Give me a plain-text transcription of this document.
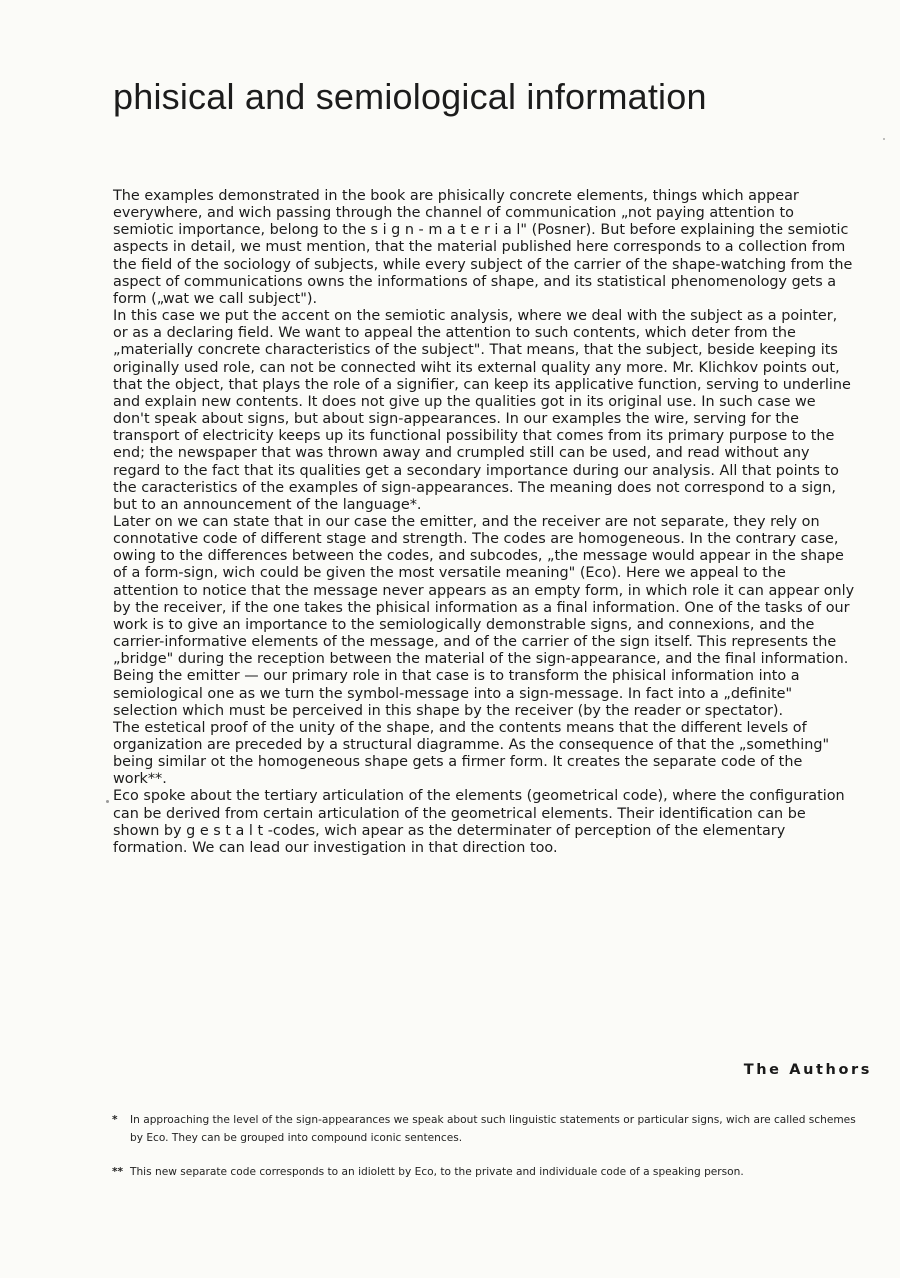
phisical and semiological information

The examples demonstrated in the book are phisically concrete elements, things which appear everywhere, and wich passing through the channel of communication „not paying attention to semiotic importance, belong to the s i g n - m a t e r i a l" (Posner). But before explaining the semiotic aspects in detail, we must mention, that the material published here corresponds to a collection from the field of the sociology of subjects, while every subject of the carrier of the shape-watching from the aspect of communications owns the informations of shape, and its statistical phenomenology gets a form („wat we call subject").

In this case we put the accent on the semiotic analysis, where we deal with the subject as a pointer, or as a declaring field. We want to appeal the attention to such contents, which deter from the „materially concrete characteristics of the subject". That means, that the subject, beside keeping its originally used role, can not be connected wiht its external quality any more. Mr. Klichkov points out, that the object, that plays the role of a signifier, can keep its applicative function, serving to underline and explain new contents. It does not give up the qualities got in its original use. In such case we don't speak about signs, but about sign-appearances. In our examples the wire, serving for the transport of electricity keeps up its functional possibility that comes from its primary purpose to the end; the newspaper that was thrown away and crumpled still can be used, and read without any regard to the fact that its qualities get a secondary importance during our analysis. All that points to the caracteristics of the examples of sign-appearances. The meaning does not correspond to a sign, but to an announcement of the language*.

Later on we can state that in our case the emitter, and the receiver are not separate, they rely on connotative code of different stage and strength. The codes are homogeneous. In the contrary case, owing to the differences between the codes, and subcodes, „the message would appear in the shape of a form-sign, wich could be given the most versatile meaning" (Eco). Here we appeal to the attention to notice that the message never appears as an empty form, in which role it can appear only by the receiver, if the one takes the phisical information as a final information. One of the tasks of our work is to give an importance to the semiologically demonstrable signs, and connexions, and the carrier-informative elements of the message, and of the carrier of the sign itself. This represents the „bridge" during the reception between the material of the sign-appearance, and the final information.

Being the emitter — our primary role in that case is to transform the phisical information into a semiological one as we turn the symbol-message into a sign-message. In fact into a „definite" selection which must be perceived in this shape by the receiver (by the reader or spectator).

The estetical proof of the unity of the shape, and the contents means that the different levels of organization are preceded by a structural diagramme. As the consequence of that the „something" being similar ot the homogeneous shape gets a firmer form. It creates the separate code of the work**.

Eco spoke about the tertiary articulation of the elements (geometrical code), where the configuration can be derived from certain articulation of the geometrical elements. Their identification can be shown by g e s t a l t -codes, wich apear as the determinater of perception of the elementary formation. We can lead our investigation in that direction too.

The Authors

*	In approaching the level of the sign-appearances we speak about such linguistic statements or particular signs, wich are called schemes by Eco. They can be grouped into compound iconic sentences.
** This new separate code corresponds to an idiolett by Eco, to the private and individuale code of a speaking person.
